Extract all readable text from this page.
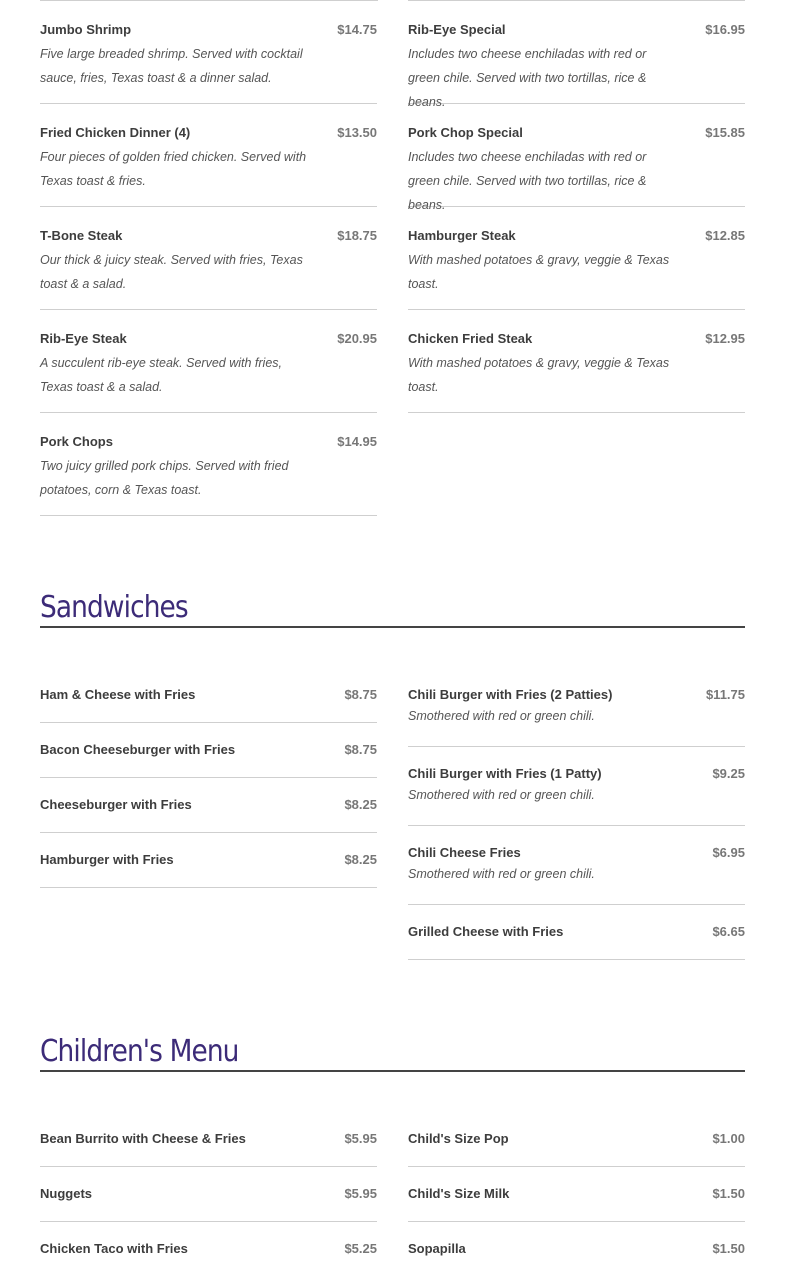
Jumbo Shrimp	$14.75
Five large breaded shrimp. Served with cocktail sauce, fries, Texas toast & a dinner salad.
Fried Chicken Dinner (4)	$13.50
Four pieces of golden fried chicken. Served with Texas toast & fries.
T-Bone Steak	$18.75
Our thick & juicy steak. Served with fries, Texas toast & a salad.
Rib-Eye Steak	$20.95
A succulent rib-eye steak. Served with fries, Texas toast & a salad.
Pork Chops	$14.95
Two juicy grilled pork chips. Served with fried potatoes, corn & Texas toast.
Rib-Eye Special	$16.95
Includes two cheese enchiladas with red or green chile. Served with two tortillas, rice & beans.
Pork Chop Special	$15.85
Includes two cheese enchiladas with red or green chile. Served with two tortillas, rice & beans.
Hamburger Steak	$12.85
With mashed potatoes & gravy, veggie & Texas toast.
Chicken Fried Steak	$12.95
With mashed potatoes & gravy, veggie & Texas toast.
Sandwiches
Ham & Cheese with Fries	$8.75
Bacon Cheeseburger with Fries	$8.75
Cheeseburger with Fries	$8.25
Hamburger with Fries	$8.25
Chili Burger with Fries (2 Patties)	$11.75
Smothered with red or green chili.
Chili Burger with Fries (1 Patty)	$9.25
Smothered with red or green chili.
Chili Cheese Fries	$6.95
Smothered with red or green chili.
Grilled Cheese with Fries	$6.65
Children's Menu
Bean Burrito with Cheese & Fries	$5.95
Nuggets	$5.95
Chicken Taco with Fries	$5.25
Child's Size Pop	$1.00
Child's Size Milk	$1.50
Sopapilla	$1.50
